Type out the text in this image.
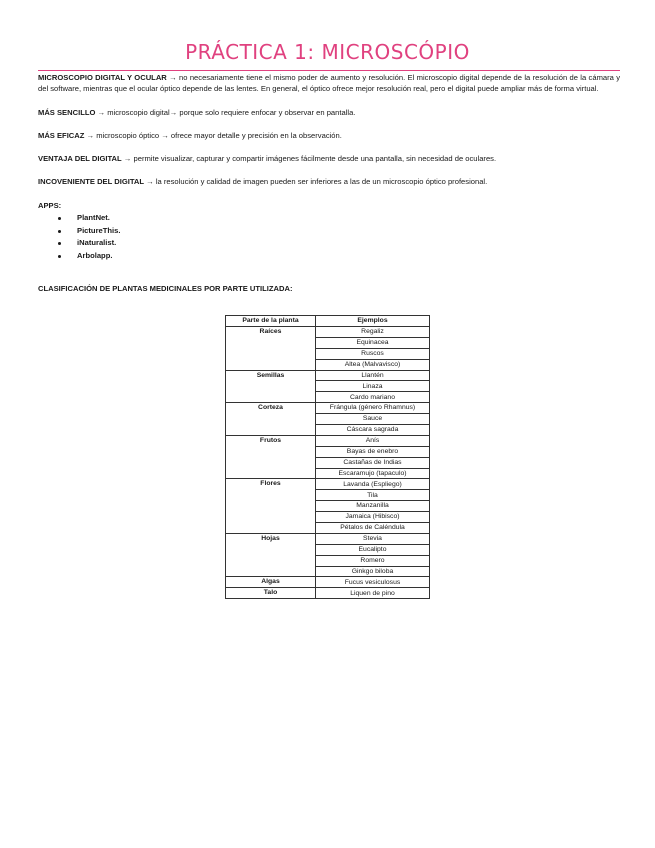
PRÁCTICA 1: MICROSCÓPIO

MICROSCOPIO DIGITAL Y OCULAR → no necesariamente tiene el mismo poder de aumento y resolución. El microscopio digital depende de la resolución de la cámara y del software, mientras que el ocular óptico depende de las lentes. En general, el óptico ofrece mejor resolución real, pero el digital puede ampliar más de forma virtual.

MÁS SENCILLO → microscopio digital→ porque solo requiere enfocar y observar en pantalla.

MÁS EFICAZ → microscopio óptico → ofrece mayor detalle y precisión en la observación.

VENTAJA DEL DIGITAL → permite visualizar, capturar y compartir imágenes fácilmente desde una pantalla, sin necesidad de oculares.

INCOVENIENTE DEL DIGITAL → la resolución y calidad de imagen pueden ser inferiores a las de un microscopio óptico profesional.

APPS:

PlantNet.
PictureThis.
iNaturalist.
Arbolapp.

CLASIFICACIÓN DE PLANTAS MEDICINALES POR PARTE UTILIZADA:

Parte de la planta	Ejemplos
Raíces	Regaliz
	Equinacea
	Ruscos
	Altea (Malvavisco)
Semillas	Llantén
	Linaza
	Cardo mariano
Corteza	Frángula (género Rhamnus)
	Sauce
	Cáscara sagrada
Frutos	Anís
	Bayas de enebro
	Castañas de Indias
	Escaramujo (tapaculo)
Flores	Lavanda (Espliego)
	Tila
	Manzanilla
	Jamaica (Hibisco)
	Pétalos de Caléndula
Hojas	Stevia
	Eucalipto
	Romero
	Ginkgo biloba
Algas	Fucus vesiculosus
Talo	Liquen de pino
